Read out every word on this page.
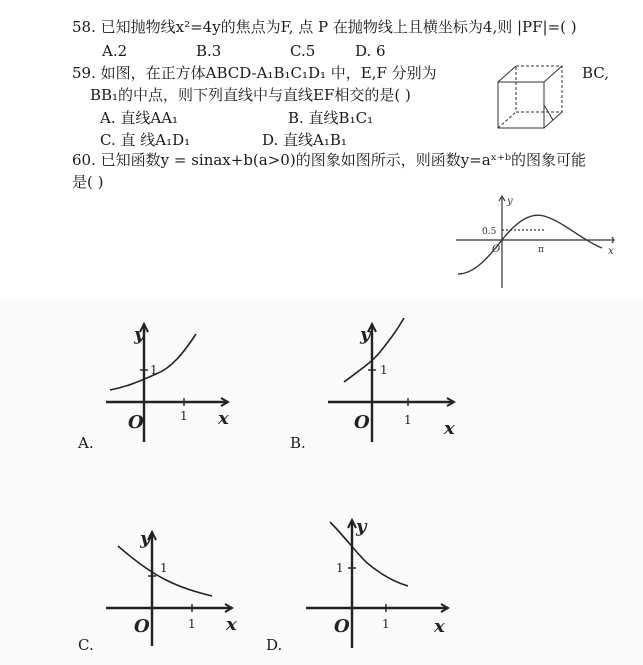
58. 已知抛物线x²=4y的焦点为F, 点 P 在抛物线上且横坐标为4,则 |PF|=( )
A.2	B.3	C.5	D. 6
59. 如图，在正方体ABCD-A₁B₁C₁D₁ 中，E,F 分别为	BC,
BB₁的中点，则下列直线中与直线EF相交的是( )
A. 直线AA₁	B. 直线B₁C₁
C. 直 线A₁D₁	D. 直线A₁B₁
60. 已知函数y = sinax+b(a>0)的图象如图所示，则函数y=aˣ⁺ᵇ的图象可能
是( )
y
x
O
0.5
π
y
x
O
1
1
A.
y
x
O
1
1
B.
y
x
O
1
1
C.
y
x
O
1
1
D.
